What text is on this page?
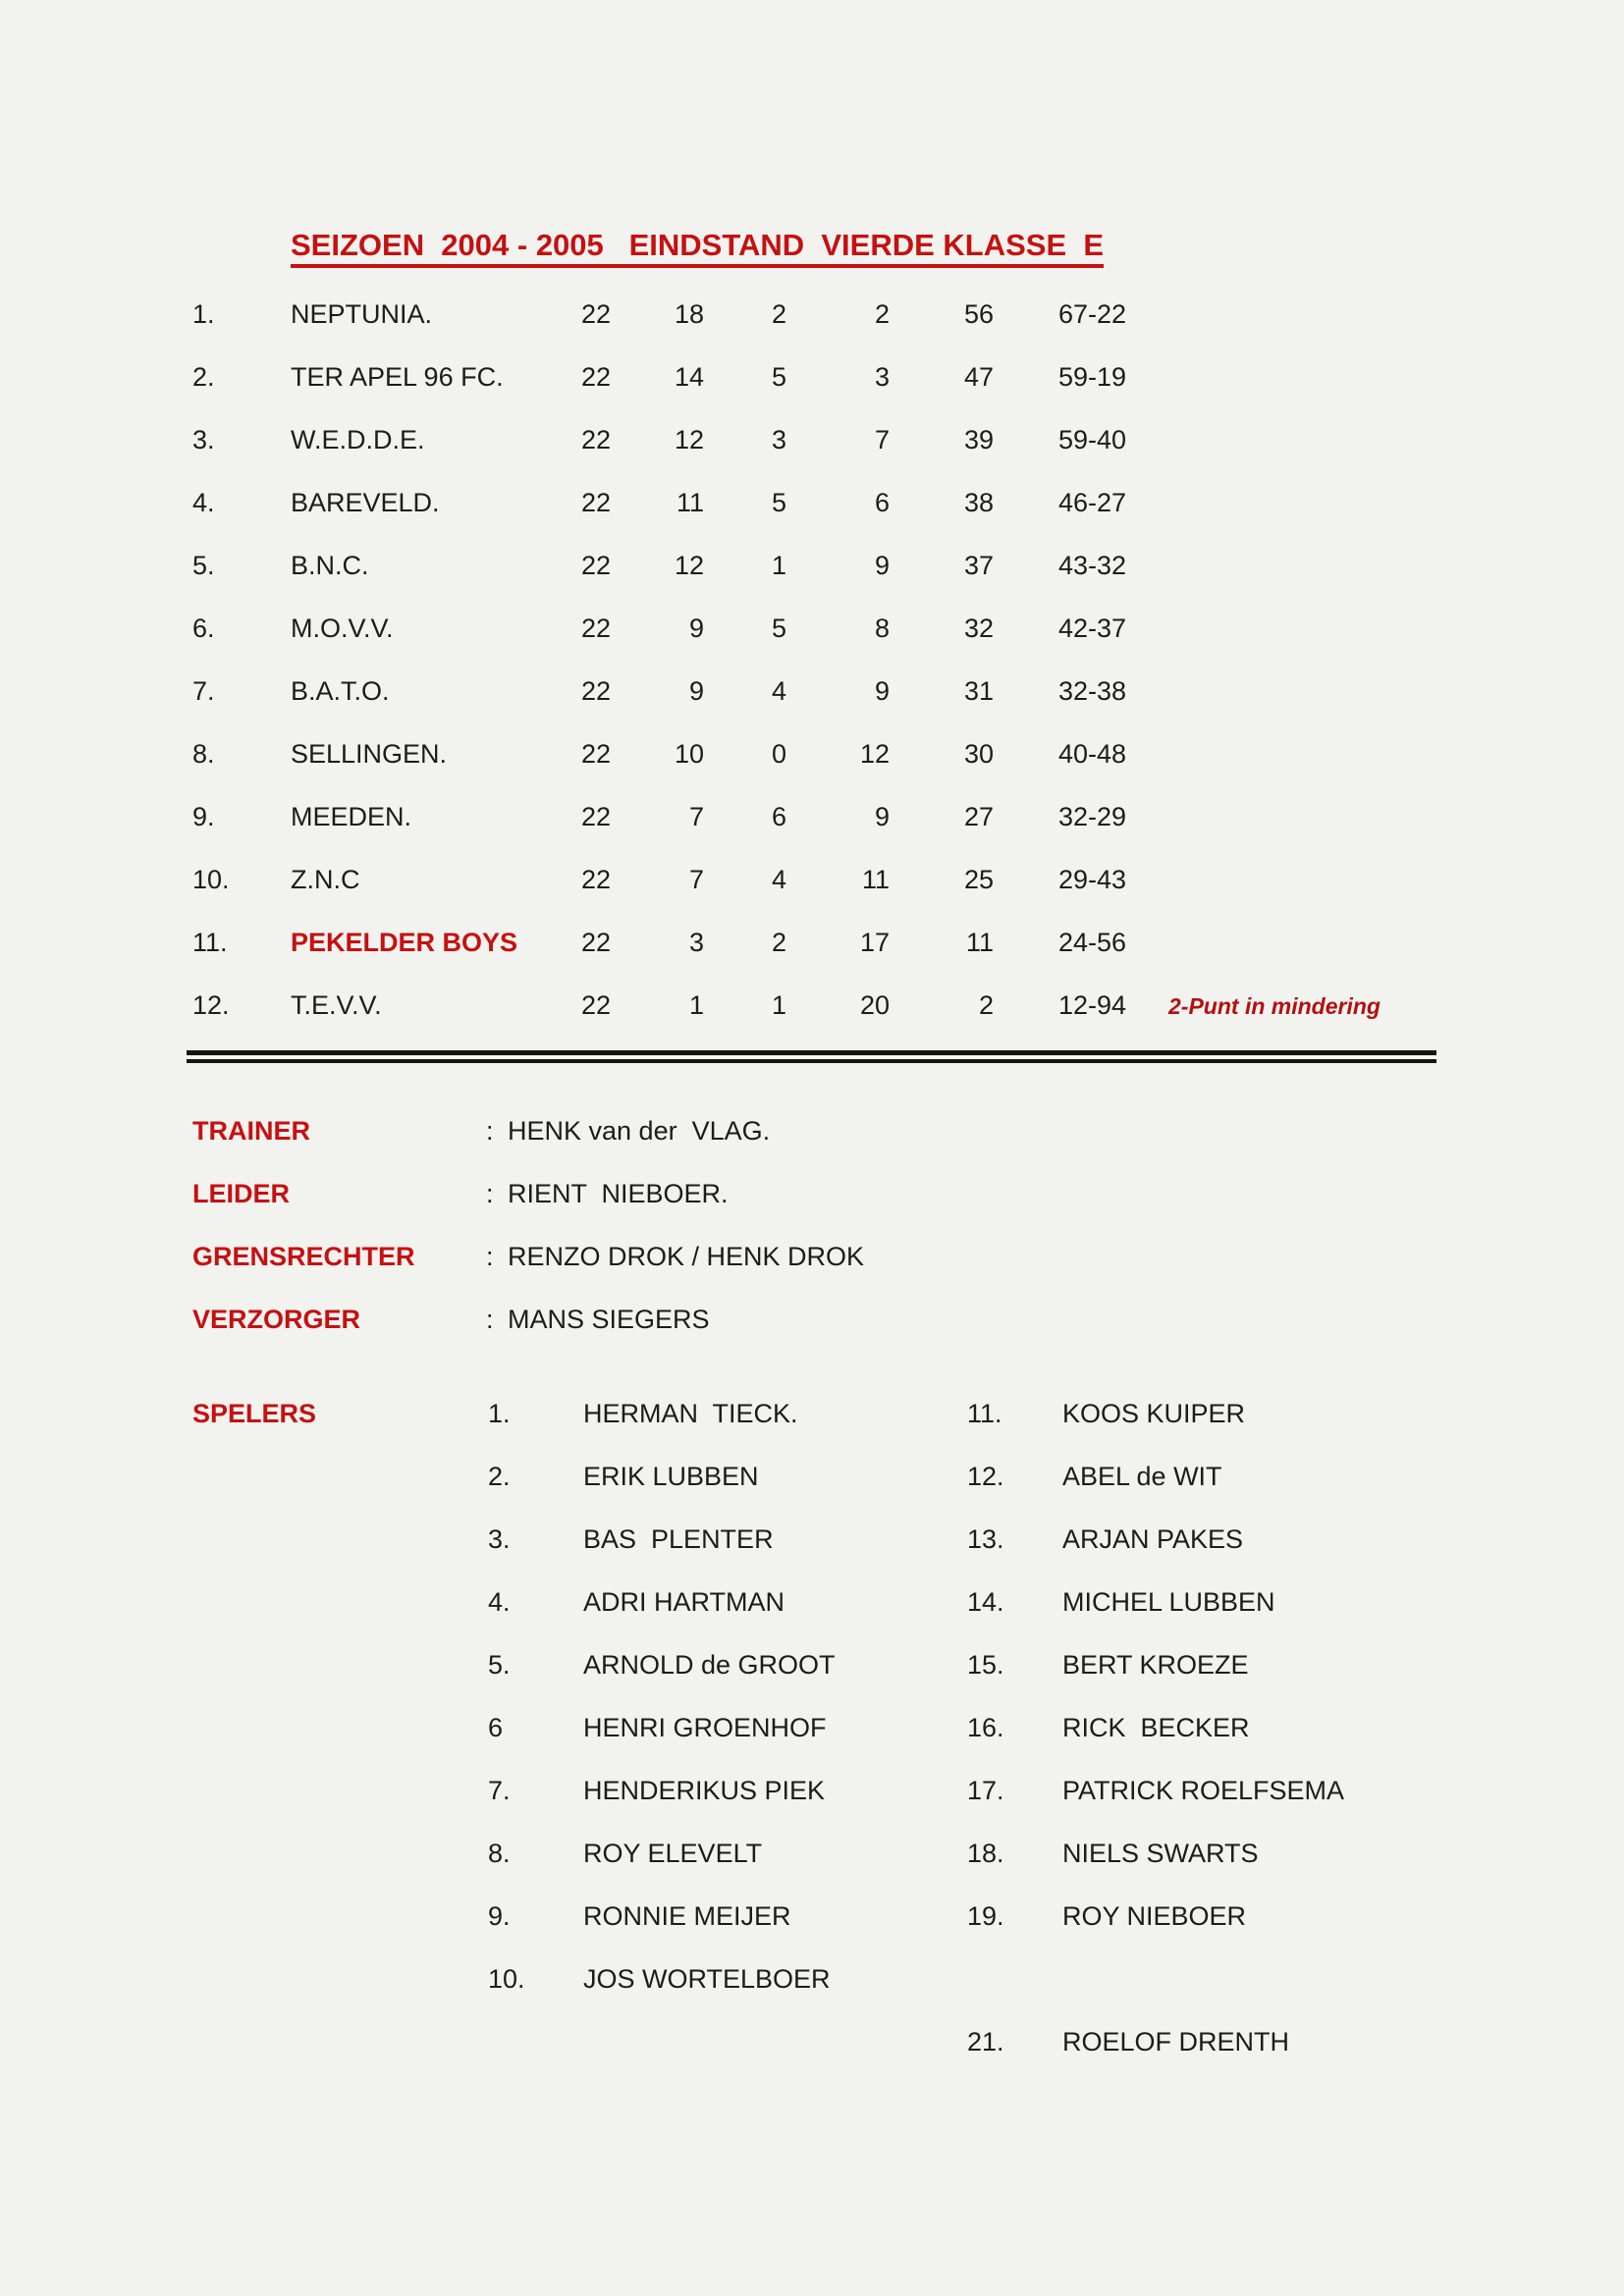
SEIZOEN  2004 - 2005   EINDSTAND  VIERDE KLASSE  E
1.	NEPTUNIA.	22	18	2	2	56	67-22
2.	TER APEL 96 FC.	22	14	5	3	47	59-19
3.	W.E.D.D.E.	22	12	3	7	39	59-40
4.	BAREVELD.	22	11	5	6	38	46-27
5.	B.N.C.	22	12	1	9	37	43-32
6.	M.O.V.V.	22	9	5	8	32	42-37
7.	B.A.T.O.	22	9	4	9	31	32-38
8.	SELLINGEN.	22	10	0	12	30	40-48
9.	MEEDEN.	22	7	6	9	27	32-29
10.	Z.N.C	22	7	4	11	25	29-43
11.	PEKELDER BOYS	22	3	2	17	11	24-56
12.	T.E.V.V.	22	1	1	20	2	12-94	2-Punt in mindering
TRAINER	: HENK van der  VLAG.
LEIDER	: RIENT  NIEBOER.
GRENSRECHTER	: RENZO DROK / HENK DROK
VERZORGER	: MANS SIEGERS
SPELERS	1.	HERMAN  TIECK.	11.	KOOS KUIPER
2.	ERIK LUBBEN	12.	ABEL de WIT
3.	BAS  PLENTER	13.	ARJAN PAKES
4.	ADRI HARTMAN	14.	MICHEL LUBBEN
5.	ARNOLD de GROOT	15.	BERT KROEZE
6	HENRI GROENHOF	16.	RICK  BECKER
7.	HENDERIKUS PIEK	17.	PATRICK ROELFSEMA
8.	ROY ELEVELT	18.	NIELS SWARTS
9.	RONNIE MEIJER	19.	ROY NIEBOER
10.	JOS WORTELBOER
21.	ROELOF DRENTH
